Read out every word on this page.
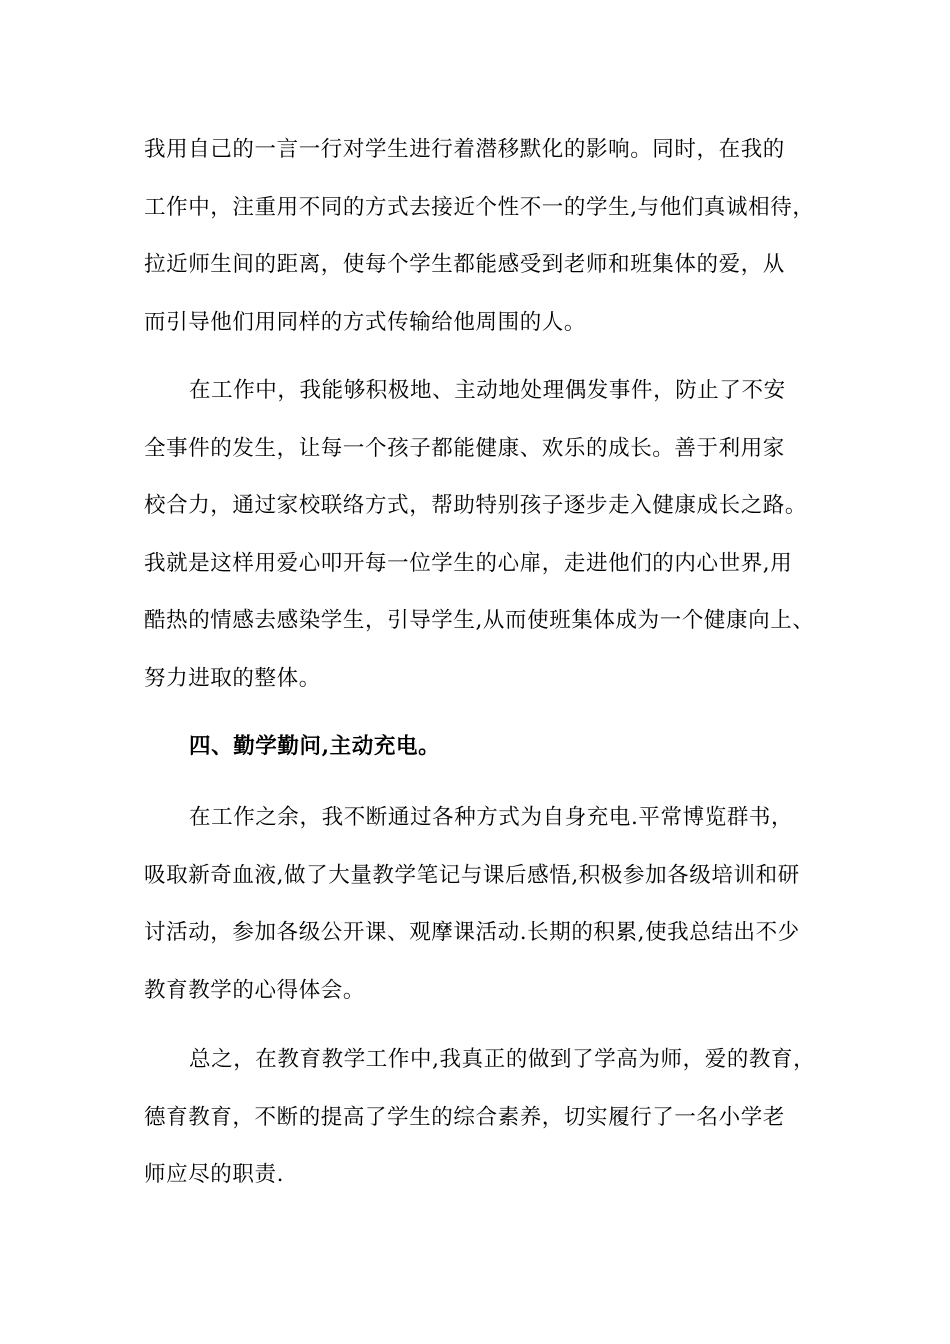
我用自己的一言一行对学生进行着潜移默化的影响。同时，在我的
工作中，注重用不同的方式去接近个性不一的学生,与他们真诚相待，
拉近师生间的距离，使每个学生都能感受到老师和班集体的爱，从
而引导他们用同样的方式传输给他周围的人。
在工作中，我能够积极地、主动地处理偶发事件，防止了不安
全事件的发生，让每一个孩子都能健康、欢乐的成长。善于利用家
校合力，通过家校联络方式，帮助特别孩子逐步走入健康成长之路。
我就是这样用爱心叩开每一位学生的心扉，走进他们的内心世界,用
酷热的情感去感染学生，引导学生,从而使班集体成为一个健康向上、
努力进取的整体。

四、勤学勤问,主动充电。

在工作之余，我不断通过各种方式为自身充电.平常博览群书，
吸取新奇血液,做了大量教学笔记与课后感悟,积极参加各级培训和研
讨活动，参加各级公开课、观摩课活动.长期的积累,使我总结出不少
教育教学的心得体会。
总之，在教育教学工作中,我真正的做到了学高为师，爱的教育，
德育教育，不断的提高了学生的综合素养，切实履行了一名小学老
师应尽的职责.
